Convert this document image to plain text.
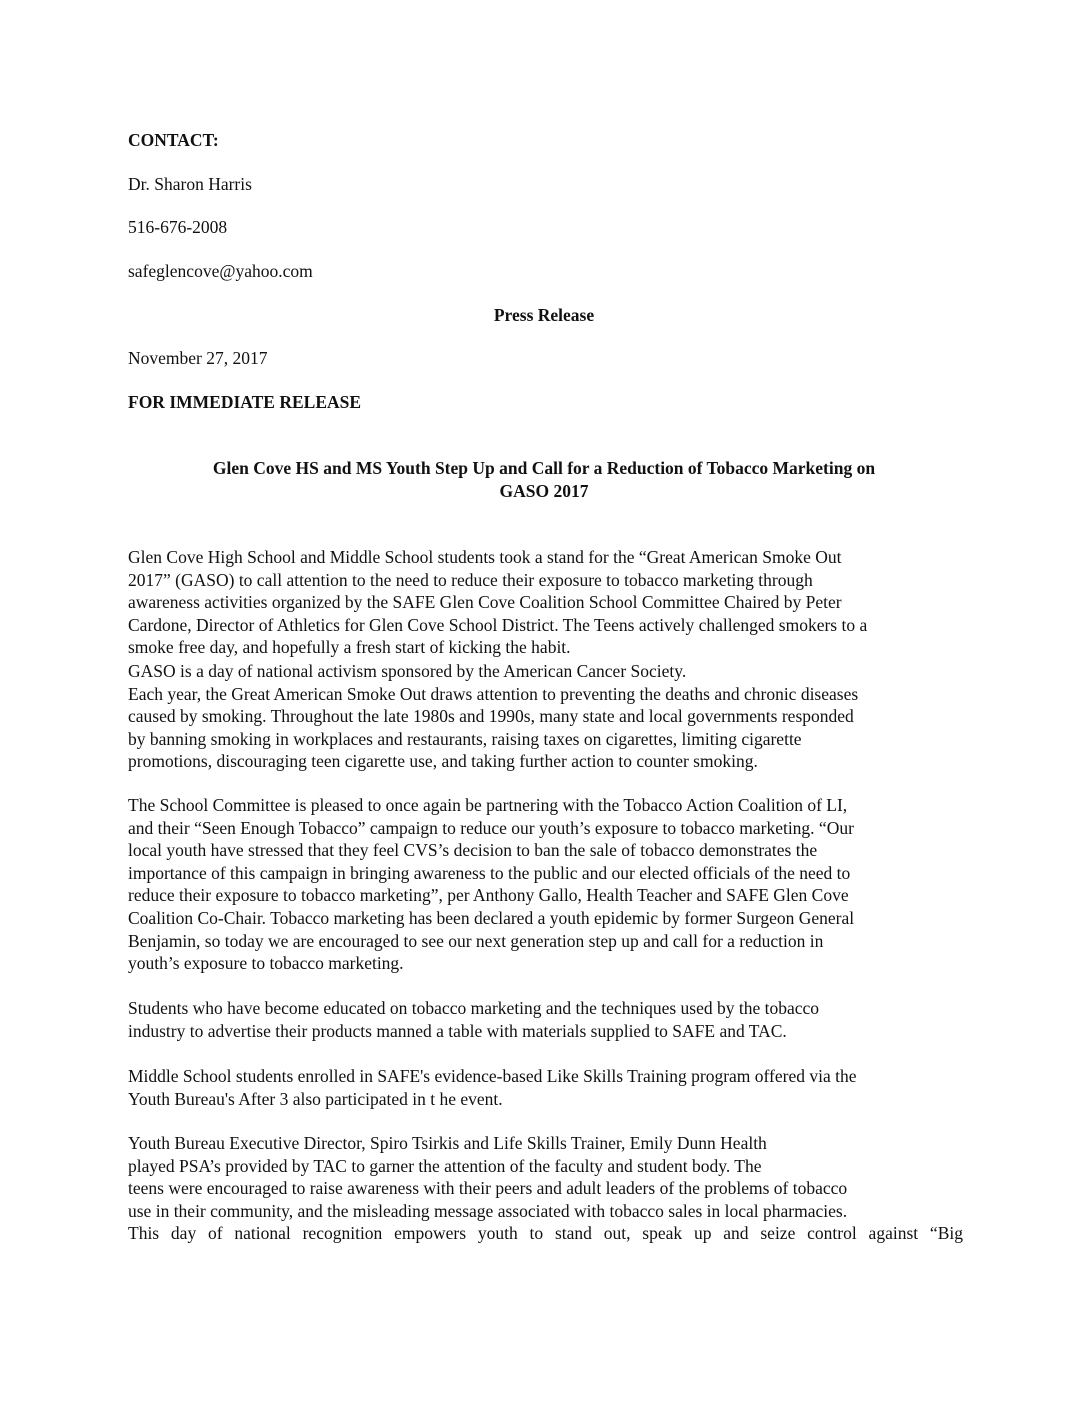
CONTACT:
Dr. Sharon Harris
516-676-2008
safeglencove@yahoo.com
Press Release
November 27, 2017
FOR IMMEDIATE RELEASE
Glen Cove HS and MS Youth Step Up and Call for a Reduction of Tobacco Marketing on
GASO 2017
Glen Cove High School and Middle School students took a stand for the “Great American Smoke Out
2017” (GASO) to call attention to the need to reduce their exposure to tobacco marketing through
awareness activities organized by the SAFE Glen Cove Coalition School Committee Chaired by Peter
Cardone, Director of Athletics for Glen Cove School District. The Teens actively challenged smokers to a
smoke free day, and hopefully a fresh start of kicking the habit.
GASO is a day of national activism sponsored by the American Cancer Society.
Each year, the Great American Smoke Out draws attention to preventing the deaths and chronic diseases
caused by smoking. Throughout the late 1980s and 1990s, many state and local governments responded
by banning smoking in workplaces and restaurants, raising taxes on cigarettes, limiting cigarette
promotions, discouraging teen cigarette use, and taking further action to counter smoking.
The School Committee is pleased to once again be partnering with the Tobacco Action Coalition of LI,
and their “Seen Enough Tobacco” campaign to reduce our youth’s exposure to tobacco marketing. “Our
local youth have stressed that they feel CVS’s decision to ban the sale of tobacco demonstrates the
importance of this campaign in bringing awareness to the public and our elected officials of the need to
reduce their exposure to tobacco marketing”, per Anthony Gallo, Health Teacher and SAFE Glen Cove
Coalition Co-Chair. Tobacco marketing has been declared a youth epidemic by former Surgeon General
Benjamin, so today we are encouraged to see our next generation step up and call for a reduction in
youth’s exposure to tobacco marketing.
Students who have become educated on tobacco marketing and the techniques used by the tobacco
industry to advertise their products manned a table with materials supplied to SAFE and TAC.
Middle School students enrolled in SAFE's evidence-based Like Skills Training program offered via the
Youth Bureau's After 3 also participated in t he event.
Youth Bureau Executive Director, Spiro Tsirkis and Life Skills Trainer, Emily Dunn Health
played PSA’s provided by TAC to garner the attention of the faculty and student body. The
teens were encouraged to raise awareness with their peers and adult leaders of the problems of tobacco
use in their community, and the misleading message associated with tobacco sales in local pharmacies.
This day of national recognition empowers youth to stand out, speak up and seize control against “Big
